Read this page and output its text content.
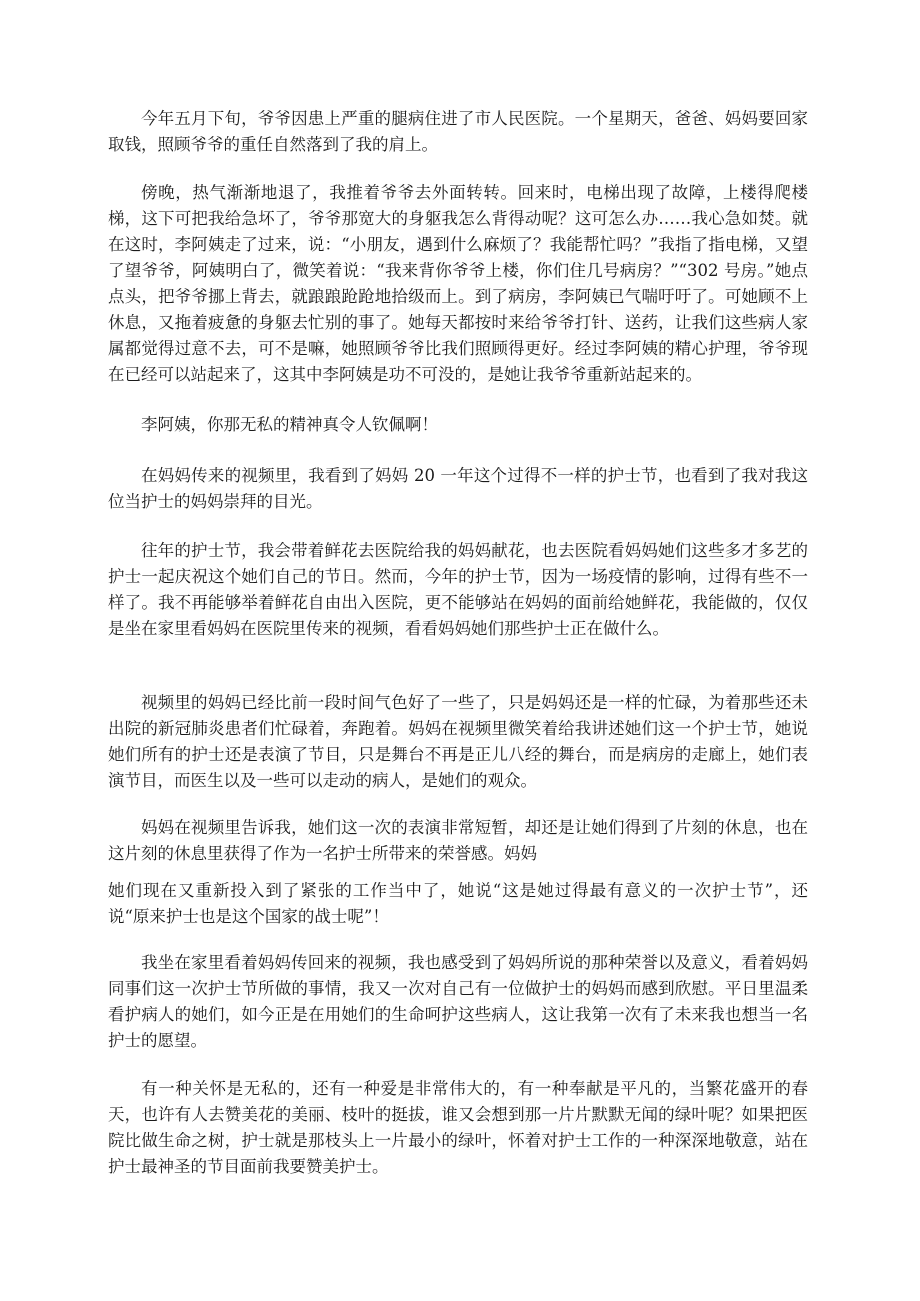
今年五月下旬，爷爷因患上严重的腿病住进了市人民医院。一个星期天，爸爸、妈妈要回家取钱，照顾爷爷的重任自然落到了我的肩上。

傍晚，热气渐渐地退了，我推着爷爷去外面转转。回来时，电梯出现了故障，上楼得爬楼梯，这下可把我给急坏了，爷爷那宽大的身躯我怎么背得动呢？这可怎么办……我心急如焚。就在这时，李阿姨走了过来，说：“小朋友，遇到什么麻烦了？我能帮忙吗？”我指了指电梯，又望了望爷爷，阿姨明白了，微笑着说：“我来背你爷爷上楼，你们住几号病房？”“302 号房。”她点点头，把爷爷挪上背去，就踉踉跄跄地拾级而上。到了病房，李阿姨已气喘吁吁了。可她顾不上休息，又拖着疲惫的身躯去忙别的事了。她每天都按时来给爷爷打针、送药，让我们这些病人家属都觉得过意不去，可不是嘛，她照顾爷爷比我们照顾得更好。经过李阿姨的精心护理，爷爷现在已经可以站起来了，这其中李阿姨是功不可没的，是她让我爷爷重新站起来的。

李阿姨，你那无私的精神真令人钦佩啊！

在妈妈传来的视频里，我看到了妈妈 20 一年这个过得不一样的护士节，也看到了我对我这位当护士的妈妈崇拜的目光。

往年的护士节，我会带着鲜花去医院给我的妈妈献花，也去医院看妈妈她们这些多才多艺的护士一起庆祝这个她们自己的节日。然而，今年的护士节，因为一场疫情的影响，过得有些不一样了。我不再能够举着鲜花自由出入医院，更不能够站在妈妈的面前给她鲜花，我能做的，仅仅是坐在家里看妈妈在医院里传来的视频，看看妈妈她们那些护士正在做什么。

视频里的妈妈已经比前一段时间气色好了一些了，只是妈妈还是一样的忙碌，为着那些还未出院的新冠肺炎患者们忙碌着，奔跑着。妈妈在视频里微笑着给我讲述她们这一个护士节，她说她们所有的护士还是表演了节目，只是舞台不再是正儿八经的舞台，而是病房的走廊上，她们表演节目，而医生以及一些可以走动的病人，是她们的观众。

妈妈在视频里告诉我，她们这一次的表演非常短暂，却还是让她们得到了片刻的休息，也在这片刻的休息里获得了作为一名护士所带来的荣誉感。妈妈

她们现在又重新投入到了紧张的工作当中了，她说“这是她过得最有意义的一次护士节”，还说“原来护士也是这个国家的战士呢”！

我坐在家里看着妈妈传回来的视频，我也感受到了妈妈所说的那种荣誉以及意义，看着妈妈同事们这一次护士节所做的事情，我又一次对自己有一位做护士的妈妈而感到欣慰。平日里温柔看护病人的她们，如今正是在用她们的生命呵护这些病人，这让我第一次有了未来我也想当一名护士的愿望。

有一种关怀是无私的，还有一种爱是非常伟大的，有一种奉献是平凡的，当繁花盛开的春天，也许有人去赞美花的美丽、枝叶的挺拔，谁又会想到那一片片默默无闻的绿叶呢？如果把医院比做生命之树，护士就是那枝头上一片最小的绿叶，怀着对护士工作的一种深深地敬意，站在护士最神圣的节目面前我要赞美护士。
